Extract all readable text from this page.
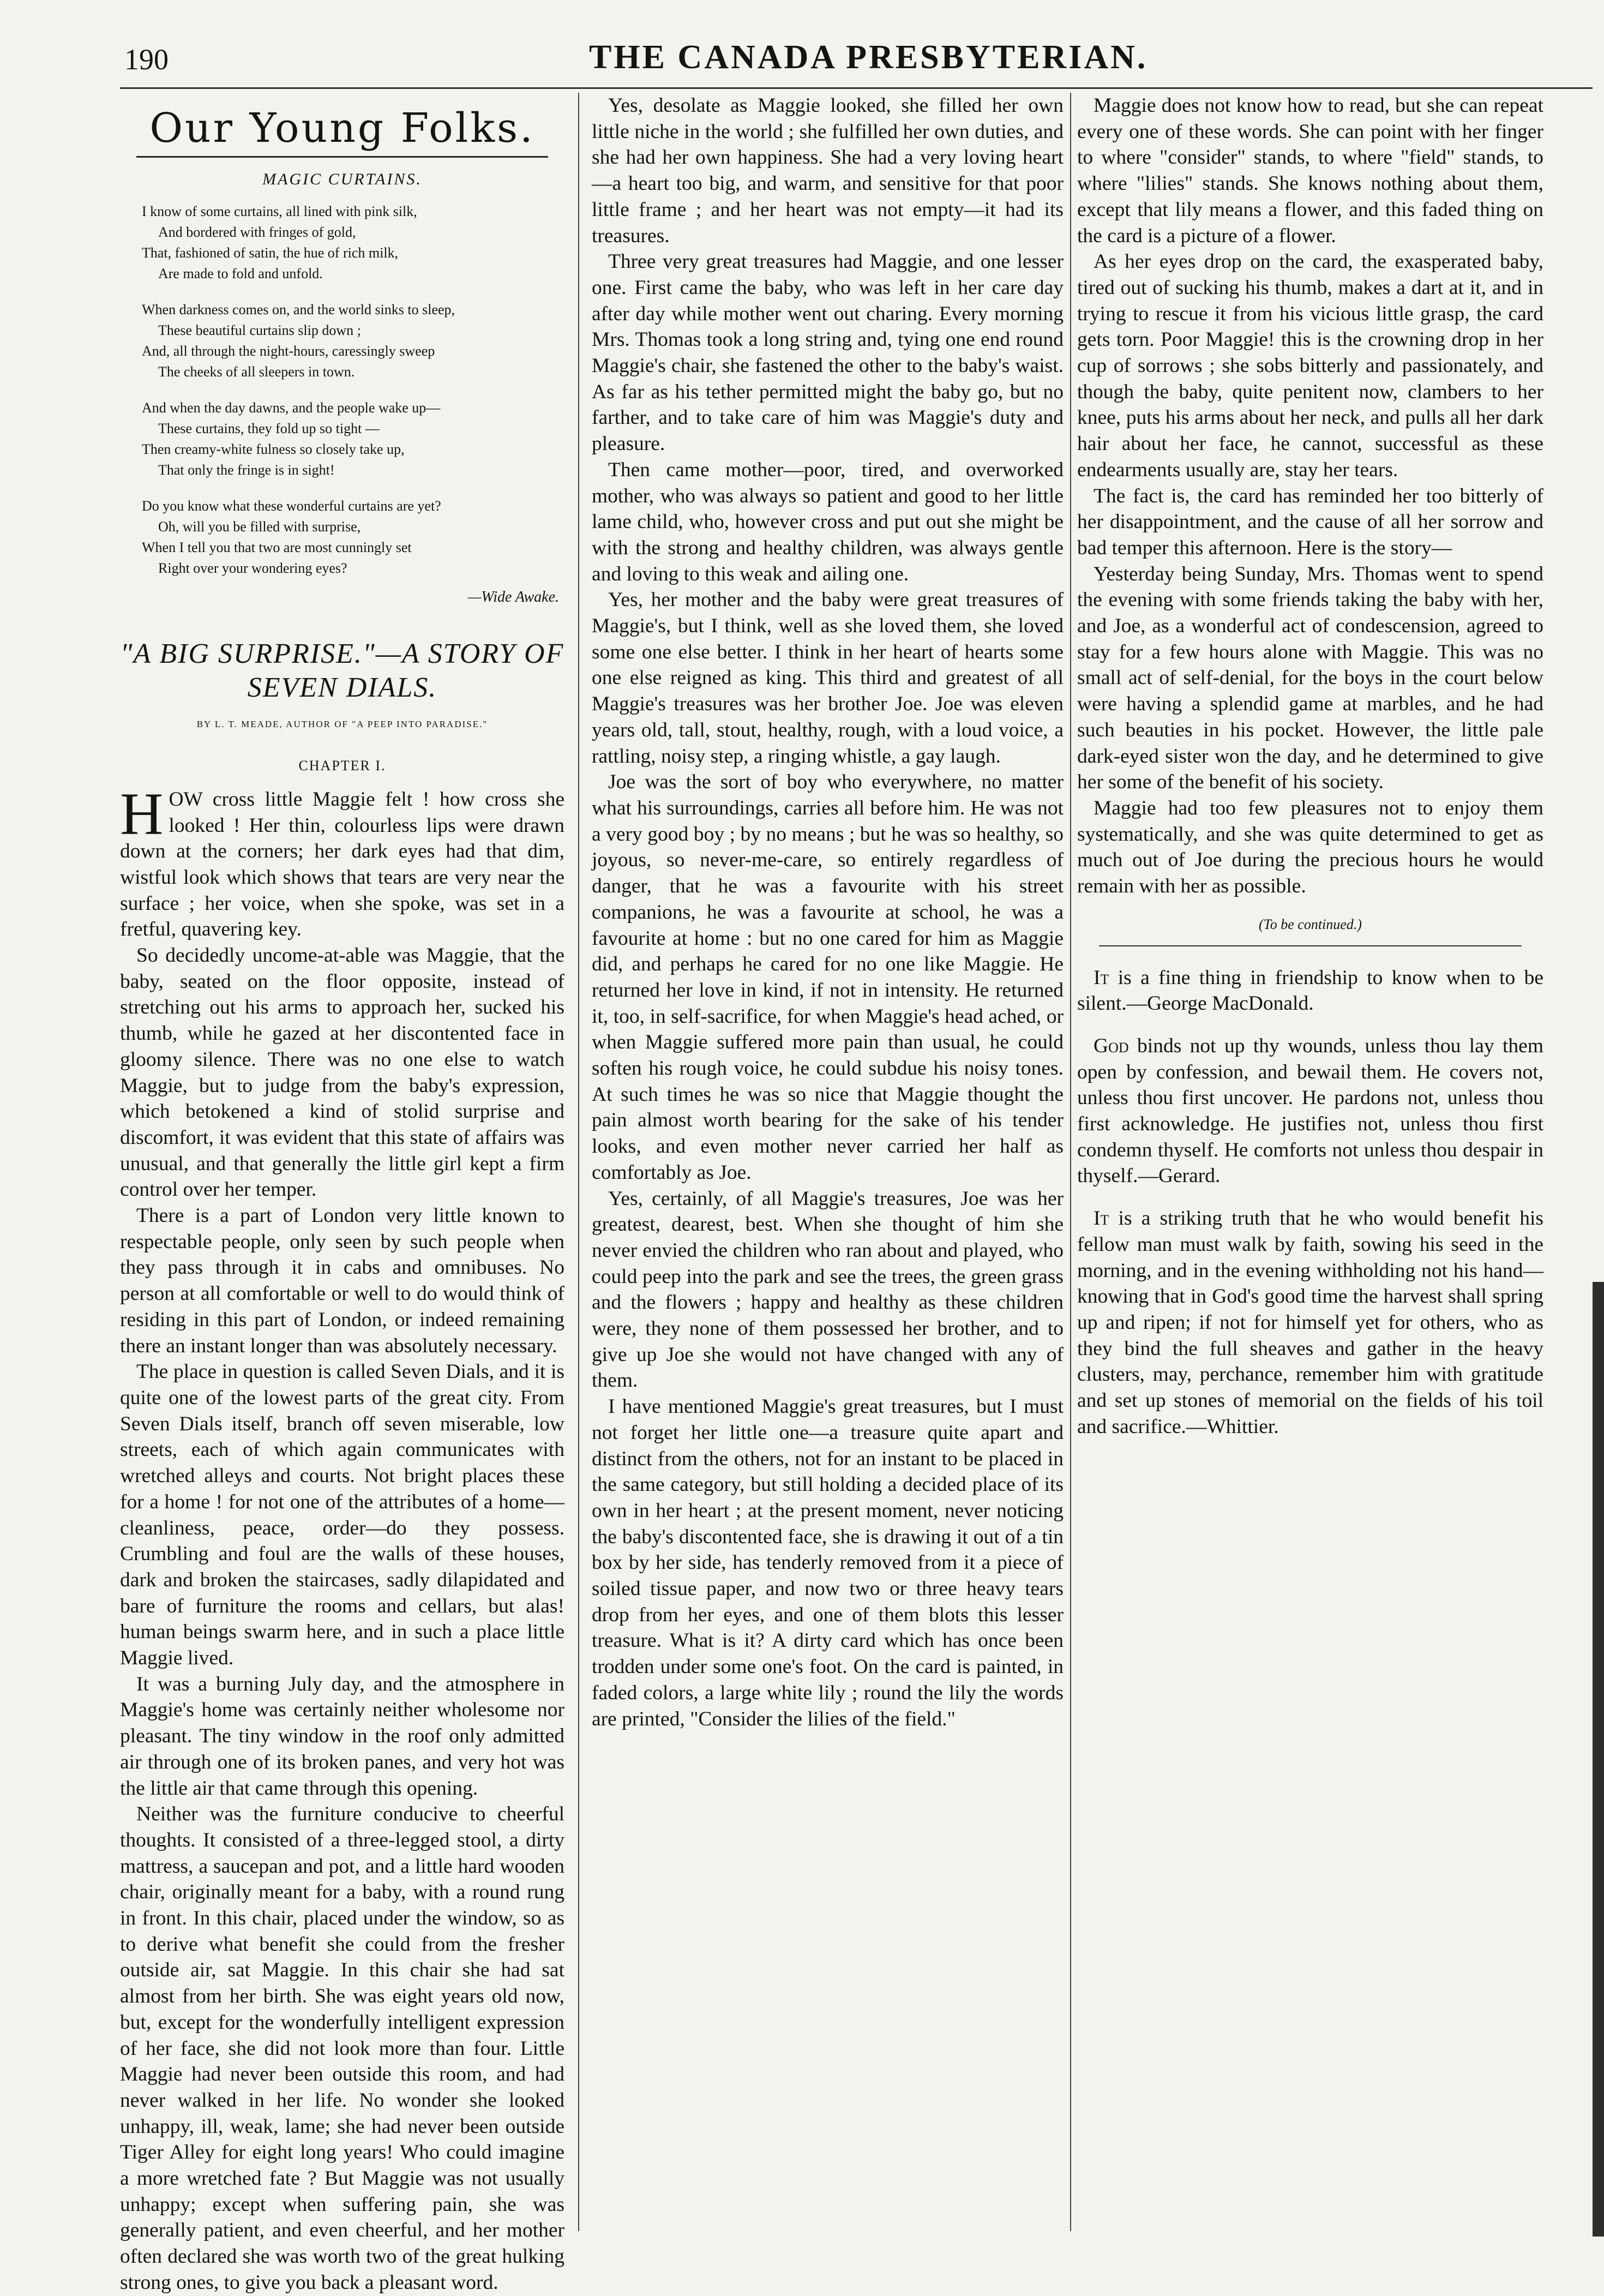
190	THE CANADA PRESBYTERIAN.
Our Young Folks.
MAGIC CURTAINS.
I know of some curtains, all lined with pink silk,
And bordered with fringes of gold,
That, fashioned of satin, the hue of rich milk,
Are made to fold and unfold.
When darkness comes on, and the world sinks to sleep,
These beautiful curtains slip down ;
And, all through the night-hours, caressingly sweep
The cheeks of all sleepers in town.
And when the day dawns, and the people wake up—
These curtains, they fold up so tight —
Then creamy-white fulness so closely take up,
That only the fringe is in sight!
Do you know what these wonderful curtains are yet?
Oh, will you be filled with surprise,
When I tell you that two are most cunningly set
Right over your wondering eyes?
—Wide Awake.
"A BIG SURPRISE."—A STORY OF SEVEN DIALS.
BY L. T. MEADE, AUTHOR OF "A PEEP INTO PARADISE."
CHAPTER I.

HOW cross little Maggie felt ! how cross she looked ! Her thin, colourless lips were drawn down at the corners; her dark eyes had that dim, wistful look which shows that tears are very near the surface ; her voice, when she spoke, was set in a fretful, quavering key.

So decidedly uncome-at-able was Maggie, that the baby, seated on the floor opposite, instead of stretching out his arms to approach her, sucked his thumb, while he gazed at her discontented face in gloomy silence. There was no one else to watch Maggie, but to judge from the baby's expression, which betokened a kind of stolid surprise and discomfort, it was evident that this state of affairs was unusual, and that generally the little girl kept a firm control over her temper.

There is a part of London very little known to respectable people, only seen by such people when they pass through it in cabs and omnibuses. No person at all comfortable or well to do would think of residing in this part of London, or indeed remaining there an instant longer than was absolutely necessary.

The place in question is called Seven Dials, and it is quite one of the lowest parts of the great city. From Seven Dials itself, branch off seven miserable, low streets, each of which again communicates with wretched alleys and courts. Not bright places these for a home ! for not one of the attributes of a home—cleanliness, peace, order—do they possess. Crumbling and foul are the walls of these houses, dark and broken the staircases, sadly dilapidated and bare of furniture the rooms and cellars, but alas! human beings swarm here, and in such a place little Maggie lived.

It was a burning July day, and the atmosphere in Maggie's home was certainly neither wholesome nor pleasant. The tiny window in the roof only admitted air through one of its broken panes, and very hot was the little air that came through this opening.

Neither was the furniture conducive to cheerful thoughts. It consisted of a three-legged stool, a dirty mattress, a saucepan and pot, and a little hard wooden chair, originally meant for a baby, with a round rung in front. In this chair, placed under the window, so as to derive what benefit she could from the fresher outside air, sat Maggie. In this chair she had sat almost from her birth. She was eight years old now, but, except for the wonderfully intelligent expression of her face, she did not look more than four. Little Maggie had never been outside this room, and had never walked in her life. No wonder she looked unhappy, ill, weak, lame; she had never been outside Tiger Alley for eight long years! Who could imagine a more wretched fate ? But Maggie was not usually unhappy; except when suffering pain, she was generally patient, and even cheerful, and her mother often declared she was worth two of the great hulking strong ones, to give you back a pleasant word.

Yes, desolate as Maggie looked, she filled her own little niche in the world ; she fulfilled her own duties, and she had her own happiness. She had a very loving heart—a heart too big, and warm, and sensitive for that poor little frame ; and her heart was not empty—it had its treasures.

Three very great treasures had Maggie, and one lesser one. First came the baby, who was left in her care day after day while mother went out charing. Every morning Mrs. Thomas took a long string and, tying one end round Maggie's chair, she fastened the other to the baby's waist. As far as his tether permitted might the baby go, but no farther, and to take care of him was Maggie's duty and pleasure.

Then came mother—poor, tired, and overworked mother, who was always so patient and good to her little lame child, who, however cross and put out she might be with the strong and healthy children, was always gentle and loving to this weak and ailing one.

Yes, her mother and the baby were great treasures of Maggie's, but I think, well as she loved them, she loved some one else better. I think in her heart of hearts some one else reigned as king. This third and greatest of all Maggie's treasures was her brother Joe. Joe was eleven years old, tall, stout, healthy, rough, with a loud voice, a rattling, noisy step, a ringing whistle, a gay laugh.

Joe was the sort of boy who everywhere, no matter what his surroundings, carries all before him. He was not a very good boy ; by no means ; but he was so healthy, so joyous, so never-me-care, so entirely regardless of danger, that he was a favourite with his street companions, he was a favourite at school, he was a favourite at home : but no one cared for him as Maggie did, and perhaps he cared for no one like Maggie. He returned her love in kind, if not in intensity. He returned it, too, in self-sacrifice, for when Maggie's head ached, or when Maggie suffered more pain than usual, he could soften his rough voice, he could subdue his noisy tones. At such times he was so nice that Maggie thought the pain almost worth bearing for the sake of his tender looks, and even mother never carried her half as comfortably as Joe.

Yes, certainly, of all Maggie's treasures, Joe was her greatest, dearest, best. When she thought of him she never envied the children who ran about and played, who could peep into the park and see the trees, the green grass and the flowers ; happy and healthy as these children were, they none of them possessed her brother, and to give up Joe she would not have changed with any of them.

I have mentioned Maggie's great treasures, but I must not forget her little one—a treasure quite apart and distinct from the others, not for an instant to be placed in the same category, but still holding a decided place of its own in her heart ; at the present moment, never noticing the baby's discontented face, she is drawing it out of a tin box by her side, has tenderly removed from it a piece of soiled tissue paper, and now two or three heavy tears drop from her eyes, and one of them blots this lesser treasure. What is it? A dirty card which has once been trodden under some one's foot. On the card is painted, in faded colors, a large white lily ; round the lily the words are printed, "Consider the lilies of the field."

Maggie does not know how to read, but she can repeat every one of these words. She can point with her finger to where "consider" stands, to where "field" stands, to where "lilies" stands. She knows nothing about them, except that lily means a flower, and this faded thing on the card is a picture of a flower.

As her eyes drop on the card, the exasperated baby, tired out of sucking his thumb, makes a dart at it, and in trying to rescue it from his vicious little grasp, the card gets torn. Poor Maggie! this is the crowning drop in her cup of sorrows ; she sobs bitterly and passionately, and though the baby, quite penitent now, clambers to her knee, puts his arms about her neck, and pulls all her dark hair about her face, he cannot, successful as these endearments usually are, stay her tears.

The fact is, the card has reminded her too bitterly of her disappointment, and the cause of all her sorrow and bad temper this afternoon. Here is the story—

Yesterday being Sunday, Mrs. Thomas went to spend the evening with some friends taking the baby with her, and Joe, as a wonderful act of condescension, agreed to stay for a few hours alone with Maggie. This was no small act of self-denial, for the boys in the court below were having a splendid game at marbles, and he had such beauties in his pocket. However, the little pale dark-eyed sister won the day, and he determined to give her some of the benefit of his society.

Maggie had too few pleasures not to enjoy them systematically, and she was quite determined to get as much out of Joe during the precious hours he would remain with her as possible.

(To be continued.)

It is a fine thing in friendship to know when to be silent.—George MacDonald.

God binds not up thy wounds, unless thou lay them open by confession, and bewail them. He covers not, unless thou first uncover. He pardons not, unless thou first acknowledge. He justifies not, unless thou first condemn thyself. He comforts not unless thou despair in thyself.—Gerard.

It is a striking truth that he who would benefit his fellow man must walk by faith, sowing his seed in the morning, and in the evening withholding not his hand—knowing that in God's good time the harvest shall spring up and ripen; if not for himself yet for others, who as they bind the full sheaves and gather in the heavy clusters, may, perchance, remember him with gratitude and set up stones of memorial on the fields of his toil and sacrifice.—Whittier.
